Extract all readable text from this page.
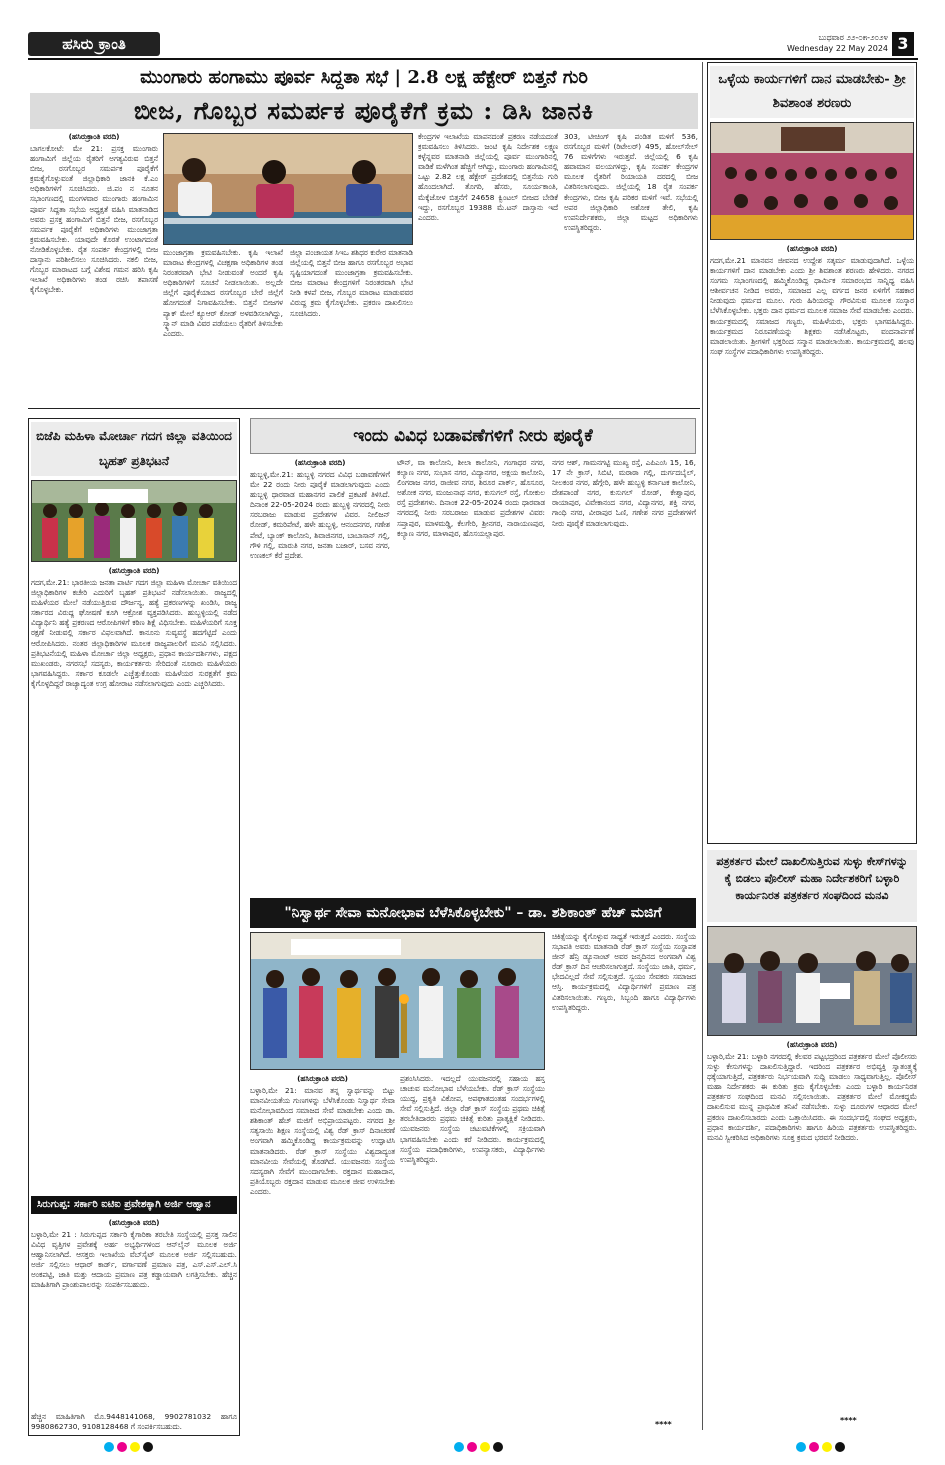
ಹಸಿರು ಕ್ರಾಂತಿ	ಬುಧವಾರ ೨೨-೦೫-೨೦೨೪
Wednesday 22 May 2024 3
ಮುಂಗಾರು ಹಂಗಾಮು ಪೂರ್ವ ಸಿದ್ದತಾ ಸಭೆ | 2.8 ಲಕ್ಷ ಹೆಕ್ಟೇರ್ ಬಿತ್ತನೆ ಗುರಿ
ಬೀಜ, ಗೊಬ್ಬರ ಸಮರ್ಪಕ ಪೂರೈಕೆಗೆ ಕ್ರಮ : ಡಿಸಿ ಜಾನಕಿ
(ಹಸಿರುಕ್ರಾಂತಿ ವರದಿ)
ಬಾಗಲಕೋಟೆ: ಮೇ 21: ಪ್ರಸಕ್ತ ಮುಂಗಾರು ಹಂಗಾಮಿಗೆ ಜಿಲ್ಲೆಯ ರೈತರಿಗೆ ಅಗತ್ಯವಿರುವ ಬಿತ್ತನೆ ಬೀಜ, ರಸಗೊಬ್ಬರ ಸಮರ್ಪಕ ಪೂರೈಕೆಗೆ ಕ್ರಮಕೈಗೊಳ್ಳುವಂತೆ ಜಿಲ್ಲಾಧಿಕಾರಿ ಜಾನಕಿ ಕೆ.ಎಂ ಅಧಿಕಾರಿಗಳಿಗೆ ಸೂಚಿಸಿದರು. ಜಿ.ಪಂ ನ ನೂತನ ಸಭಾಂಗಣದಲ್ಲಿ ಮಂಗಳವಾರ ಮುಂಗಾರು ಹಂಗಾಮಿನ ಪೂರ್ವ ಸಿದ್ದತಾ ಸಭೆಯ ಅಧ್ಯಕ್ಷತೆ ವಹಿಸಿ ಮಾತನಾಡಿದ ಅವರು ಪ್ರಸಕ್ತ ಹಂಗಾಮಿಗೆ ಬಿತ್ತನೆ ಬೀಜ, ರಸಗೊಬ್ಬರ ಸಮರ್ಪಕ ಪೂರೈಕೆಗೆ ಅಧಿಕಾರಿಗಳು ಮುಂಜಾಗ್ರತಾ ಕ್ರಮವಹಿಸಬೇಕು. ಯಾವುದೇ ಕೊರತೆ ಉಂಟಾಗದಂತೆ ನೋಡಿಕೊಳ್ಳಬೇಕು. ರೈತ ಸಂಪರ್ಕ ಕೇಂದ್ರಗಳಲ್ಲಿ ಬೀಜ ದಾಸ್ತಾನು ಪರಿಶೀಲಿಸಲು ಸೂಚಿಸಿದರು. ನಕಲಿ ಬೀಜ, ಗೊಬ್ಬರ ಮಾರಾಟದ ಬಗ್ಗೆ ವಿಶೇಷ ಗಮನ ಹರಿಸಿ ಕೃಷಿ ಇಲಾಖೆ ಅಧಿಕಾರಿಗಳು ತಂಡ ರಚಿಸಿ ತಪಾಸಣೆ ಕೈಗೊಳ್ಳಬೇಕು.
ಮುಂಜಾಗ್ರತಾ ಕ್ರಮವಹಿಸಬೇಕು. ಕೃಷಿ ಇಲಾಖೆ ಮಾರಾಟ ಕೇಂದ್ರಗಳಲ್ಲಿ ವಿಚಕ್ಷಣಾ ಅಧಿಕಾರಿಗಳ ತಂಡ ನಿರಂತರವಾಗಿ ಭೇಟಿ ನೀಡುವಂತೆ ಅಂದರೆ ಕೃಷಿ ಅಧಿಕಾರಿಗಳಿಗೆ ಸೂಚನೆ ನೀಡಲಾಯಿತು. ಅಲ್ಲದೇ ಜಿಲ್ಲೆಗೆ ಪೂರೈಕೆಯಾದ ರಸಗೊಬ್ಬರ ಬೇರೆ ಜಿಲ್ಲೆಗೆ ಹೋಗದಂತೆ ನಿಗಾವಹಿಸಬೇಕು. ಬಿತ್ತನೆ ಬೀಜಗಳ ಪ್ಯಾಕ್ ಮೇಲೆ ಕ್ಯೂಆರ್ ಕೋಡ್ ಅಳವಡಿಸಲಾಗಿದ್ದು, ಸ್ಕ್ಯಾನ್ ಮಾಡಿ ವಿವರ ಪಡೆಯಲು ರೈತರಿಗೆ ತಿಳಿಸಬೇಕು ಎಂದರು.
ಜಿಲ್ಲಾ ಪಂಚಾಯತ ಸಿಇಒ ಶಶಿಧರ ಕುರೇರ ಮಾತನಾಡಿ ಜಿಲ್ಲೆಯಲ್ಲಿ ಬಿತ್ತನೆ ಬೀಜ ಹಾಗೂ ರಸಗೊಬ್ಬರ ಅಭಾವ ಸೃಷ್ಟಿಯಾಗದಂತೆ ಮುಂಜಾಗ್ರತಾ ಕ್ರಮವಹಿಸಬೇಕು. ಬೀಜ ಮಾರಾಟ ಕೇಂದ್ರಗಳಿಗೆ ನಿರಂತರವಾಗಿ ಭೇಟಿ ನೀಡಿ ಕಳಪೆ ಬೀಜ, ಗೊಬ್ಬರ ಮಾರಾಟ ಮಾಡುವವರ ವಿರುದ್ದ ಕ್ರಮ ಕೈಗೊಳ್ಳಬೇಕು. ಪ್ರಕರಣ ದಾಖಲಿಸಲು ಸೂಚಿಸಿದರು.
ಕೇಂದ್ರಗಳ ಇಲಾಖೆಯ ಮಾಪನದಂತೆ ಪ್ರಕರಣ ನಡೆಯದಂತೆ ಕ್ರಮವಹಿಸಲು ತಿಳಿಸಿದರು. ಜಂಟಿ ಕೃಷಿ ನಿರ್ದೇಶಕ ಲಕ್ಷ್ಮಣ ಕಳ್ಳೆನ್ನವರ ಮಾತನಾಡಿ ಜಿಲ್ಲೆಯಲ್ಲಿ ಪೂರ್ವ ಮುಂಗಾರಿನಲ್ಲಿ ವಾಡಿಕೆ ಮಳೆಗಿಂತ ಹೆಚ್ಚಿಗೆ ಆಗಿದ್ದು, ಮುಂಗಾರು ಹಂಗಾಮಿನಲ್ಲಿ ಒಟ್ಟು 2.82 ಲಕ್ಷ ಹೆಕ್ಟೇರ್ ಪ್ರದೇಶದಲ್ಲಿ ಬಿತ್ತನೆಯ ಗುರಿ ಹೊಂದಲಾಗಿದೆ. ತೊಗರಿ, ಹೆಸರು, ಸೂರ್ಯಕಾಂತಿ, ಮೆಕ್ಕೆಜೋಳ ಬಿತ್ತನೆಗೆ 24658 ಕ್ವಿಂಟಲ್ ಬೀಜದ ಬೇಡಿಕೆ ಇದ್ದು, ರಸಗೊಬ್ಬರ 19388 ಮೆ.ಟನ್ ದಾಸ್ತಾನು ಇದೆ ಎಂದರು.
303, ಟೀಚಿಂಗ್ ಕೃಷಿ ಪಂಡಿತ ಮಳಿಗೆ 536, ರಸಗೊಬ್ಬರ ಮಳಿಗೆ (ರಿಟೇಲರ್) 495, ಹೋಲ್‌ಸೇಲ್ 76 ಮಳಿಗೆಗಳು ಇರುತ್ತವೆ. ಜಿಲ್ಲೆಯಲ್ಲಿ 6 ಕೃಷಿ ಹವಾಮಾನ ವಲಯಗಳಿದ್ದು, ಕೃಷಿ ಸಂಪರ್ಕ ಕೇಂದ್ರಗಳ ಮೂಲಕ ರೈತರಿಗೆ ರಿಯಾಯತಿ ದರದಲ್ಲಿ ಬೀಜ ವಿತರಿಸಲಾಗುವುದು. ಜಿಲ್ಲೆಯಲ್ಲಿ 18 ರೈತ ಸಂಪರ್ಕ ಕೇಂದ್ರಗಳು, ಬೀಜ ಕೃಷಿ ಪರಿಕರ ಮಳಿಗೆ ಇವೆ. ಸಭೆಯಲ್ಲಿ ಅಪರ ಜಿಲ್ಲಾಧಿಕಾರಿ ಅಶೋಕ ತೇಲಿ, ಕೃಷಿ ಉಪನಿರ್ದೇಶಕರು, ಜಿಲ್ಲಾ ಮಟ್ಟದ ಅಧಿಕಾರಿಗಳು ಉಪಸ್ಥಿತರಿದ್ದರು.
ಒಳ್ಳೆಯ ಕಾರ್ಯಗಳಿಗೆ ದಾನ ಮಾಡಬೇಕು- ಶ್ರೀ ಶಿವಶಾಂತ ಶರಣರು
(ಹಸಿರುಕ್ರಾಂತಿ ವರದಿ)
ಗದಗ,ಮೇ.21 ಮಾನವನ ಜೀವನದ ಉದ್ದೇಶ ಸತ್ಕರ್ಮ ಮಾಡುವುದಾಗಿದೆ. ಒಳ್ಳೆಯ ಕಾರ್ಯಗಳಿಗೆ ದಾನ ಮಾಡಬೇಕು ಎಂದು ಶ್ರೀ ಶಿವಶಾಂತ ಶರಣರು ಹೇಳಿದರು. ನಗರದ ಸಂಗಮ ಸಭಾಂಗಣದಲ್ಲಿ ಹಮ್ಮಿಕೊಂಡಿದ್ದ ಧಾರ್ಮಿಕ ಸಮಾರಂಭದ ಸಾನ್ನಿಧ್ಯ ವಹಿಸಿ ಆಶೀರ್ವಚನ ನೀಡಿದ ಅವರು, ಸಮಾಜದ ಎಲ್ಲ ವರ್ಗದ ಜನರ ಏಳಿಗೆಗೆ ಸಹಕಾರ ನೀಡುವುದು ಧರ್ಮದ ಮೂಲ. ಗುರು ಹಿರಿಯರನ್ನು ಗೌರವಿಸುವ ಮೂಲಕ ಸಂಸ್ಕಾರ ಬೆಳೆಸಿಕೊಳ್ಳಬೇಕು. ಭಕ್ತರು ದಾನ ಧರ್ಮದ ಮೂಲಕ ಸಮಾಜ ಸೇವೆ ಮಾಡಬೇಕು ಎಂದರು. ಕಾರ್ಯಕ್ರಮದಲ್ಲಿ ಸಮಾಜದ ಗಣ್ಯರು, ಮಹಿಳೆಯರು, ಭಕ್ತರು ಭಾಗವಹಿಸಿದ್ದರು. ಕಾರ್ಯಕ್ರಮದ ನಿರೂಪಣೆಯನ್ನು ಶಿಕ್ಷಕರು ನಡೆಸಿಕೊಟ್ಟರು, ವಂದನಾರ್ಪಣೆ ಮಾಡಲಾಯಿತು. ಶ್ರೀಗಳಿಗೆ ಭಕ್ತರಿಂದ ಸನ್ಮಾನ ಮಾಡಲಾಯಿತು. ಕಾರ್ಯಕ್ರಮದಲ್ಲಿ ಹಲವು ಸಂಘ ಸಂಸ್ಥೆಗಳ ಪದಾಧಿಕಾರಿಗಳು ಉಪಸ್ಥಿತರಿದ್ದರು.
ಪತ್ರಕರ್ತರ ಮೇಲೆ ದಾಖಲಿಸುತ್ತಿರುವ ಸುಳ್ಳು ಕೇಸ್‌ಗಳನ್ನು ಕೈ ಬಿಡಲು ಪೊಲೀಸ್ ಮಹಾ ನಿರ್ದೇಶಕರಿಗೆ ಬಳ್ಳಾರಿ ಕಾರ್ಯನಿರತ ಪತ್ರಕರ್ತರ ಸಂಘದಿಂದ ಮನವಿ
(ಹಸಿರುಕ್ರಾಂತಿ ವರದಿ)
ಬಳ್ಳಾರಿ,ಮೇ 21: ಬಳ್ಳಾರಿ ನಗರದಲ್ಲಿ ಕೆಲವರ ಪಟ್ಟಭದ್ರರಿಂದ ಪತ್ರಕರ್ತರ ಮೇಲೆ ಪೊಲೀಸರು ಸುಳ್ಳು ಕೇಸುಗಳನ್ನು ದಾಖಲಿಸುತ್ತಿದ್ದಾರೆ. ಇದರಿಂದ ಪತ್ರಕರ್ತರ ಅಭಿವ್ಯಕ್ತಿ ಸ್ವಾತಂತ್ರ್ಯಕ್ಕೆ ಧಕ್ಕೆಯಾಗುತ್ತಿದೆ, ಪತ್ರಕರ್ತರು ನಿರ್ಭಯವಾಗಿ ಸುದ್ದಿ ಮಾಡಲು ಸಾಧ್ಯವಾಗುತ್ತಿಲ್ಲ. ಪೊಲೀಸ್ ಮಹಾ ನಿರ್ದೇಶಕರು ಈ ಕುರಿತು ಕ್ರಮ ಕೈಗೊಳ್ಳಬೇಕು ಎಂದು ಬಳ್ಳಾರಿ ಕಾರ್ಯನಿರತ ಪತ್ರಕರ್ತರ ಸಂಘದಿಂದ ಮನವಿ ಸಲ್ಲಿಸಲಾಯಿತು. ಪತ್ರಕರ್ತರ ಮೇಲೆ ಮೋಕದ್ದಮೆ ದಾಖಲಿಸುವ ಮುನ್ನ ಪ್ರಾಥಮಿಕ ತನಿಖೆ ನಡೆಸಬೇಕು. ಸುಳ್ಳು ದೂರುಗಳ ಆಧಾರದ ಮೇಲೆ ಪ್ರಕರಣ ದಾಖಲಿಸಬಾರದು ಎಂದು ಒತ್ತಾಯಿಸಿದರು. ಈ ಸಂದರ್ಭದಲ್ಲಿ ಸಂಘದ ಅಧ್ಯಕ್ಷರು, ಪ್ರಧಾನ ಕಾರ್ಯದರ್ಶಿ, ಪದಾಧಿಕಾರಿಗಳು ಹಾಗೂ ಹಿರಿಯ ಪತ್ರಕರ್ತರು ಉಪಸ್ಥಿತರಿದ್ದರು. ಮನವಿ ಸ್ವೀಕರಿಸಿದ ಅಧಿಕಾರಿಗಳು ಸೂಕ್ತ ಕ್ರಮದ ಭರವಸೆ ನೀಡಿದರು.
****
ಬಿಜೆಪಿ ಮಹಿಳಾ ಮೋರ್ಚಾ ಗದಗ ಜಿಲ್ಲಾ ವತಿಯಿಂದ ಬೃಹತ್ ಪ್ರತಿಭಟನೆ
(ಹಸಿರುಕ್ರಾಂತಿ ವರದಿ)
ಗದಗ,ಮೇ.21: ಭಾರತೀಯ ಜನತಾ ಪಾರ್ಟಿ ಗದಗ ಜಿಲ್ಲಾ ಮಹಿಳಾ ಮೋರ್ಚಾ ವತಿಯಿಂದ ಜಿಲ್ಲಾಧಿಕಾರಿಗಳ ಕಚೇರಿ ಎದುರಿಗೆ ಬೃಹತ್ ಪ್ರತಿಭಟನೆ ನಡೆಸಲಾಯಿತು. ರಾಜ್ಯದಲ್ಲಿ ಮಹಿಳೆಯರ ಮೇಲೆ ನಡೆಯುತ್ತಿರುವ ದೌರ್ಜನ್ಯ, ಹತ್ಯೆ ಪ್ರಕರಣಗಳನ್ನು ಖಂಡಿಸಿ, ರಾಜ್ಯ ಸರ್ಕಾರದ ವಿರುದ್ದ ಘೋಷಣೆ ಕೂಗಿ ಆಕ್ರೋಶ ವ್ಯಕ್ತಪಡಿಸಿದರು. ಹುಬ್ಬಳ್ಳಿಯಲ್ಲಿ ನಡೆದ ವಿದ್ಯಾರ್ಥಿನಿ ಹತ್ಯೆ ಪ್ರಕರಣದ ಆರೋಪಿಗಳಿಗೆ ಕಠಿಣ ಶಿಕ್ಷೆ ವಿಧಿಸಬೇಕು. ಮಹಿಳೆಯರಿಗೆ ಸೂಕ್ತ ರಕ್ಷಣೆ ನೀಡುವಲ್ಲಿ ಸರ್ಕಾರ ವಿಫಲವಾಗಿದೆ. ಕಾನೂನು ಸುವ್ಯವಸ್ಥೆ ಹದಗೆಟ್ಟಿದೆ ಎಂದು ಆರೋಪಿಸಿದರು. ನಂತರ ಜಿಲ್ಲಾಧಿಕಾರಿಗಳ ಮೂಲಕ ರಾಜ್ಯಪಾಲರಿಗೆ ಮನವಿ ಸಲ್ಲಿಸಿದರು. ಪ್ರತಿಭಟನೆಯಲ್ಲಿ ಮಹಿಳಾ ಮೋರ್ಚಾ ಜಿಲ್ಲಾ ಅಧ್ಯಕ್ಷರು, ಪ್ರಧಾನ ಕಾರ್ಯದರ್ಶಿಗಳು, ಪಕ್ಷದ ಮುಖಂಡರು, ನಗರಸಭೆ ಸದಸ್ಯರು, ಕಾರ್ಯಕರ್ತರು ಸೇರಿದಂತೆ ನೂರಾರು ಮಹಿಳೆಯರು ಭಾಗವಹಿಸಿದ್ದರು. ಸರ್ಕಾರ ಕೂಡಲೇ ಎಚ್ಚೆತ್ತುಕೊಂಡು ಮಹಿಳೆಯರ ಸುರಕ್ಷತೆಗೆ ಕ್ರಮ ಕೈಗೊಳ್ಳದಿದ್ದರೆ ರಾಜ್ಯಾದ್ಯಂತ ಉಗ್ರ ಹೋರಾಟ ನಡೆಸಲಾಗುವುದು ಎಂದು ಎಚ್ಚರಿಸಿದರು.
ಸಿರುಗುಪ್ಪ: ಸರ್ಕಾರಿ ಐಟಿಐ ಪ್ರವೇಶಕ್ಕಾಗಿ ಅರ್ಜಿ ಆಹ್ವಾನ
(ಹಸಿರುಕ್ರಾಂತಿ ವರದಿ)
ಬಳ್ಳಾರಿ,ಮೇ 21 : ಸಿರುಗುಪ್ಪದ ಸರ್ಕಾರಿ ಕೈಗಾರಿಕಾ ತರಬೇತಿ ಸಂಸ್ಥೆಯಲ್ಲಿ ಪ್ರಸಕ್ತ ಸಾಲಿನ ವಿವಿಧ ವೃತ್ತಿಗಳ ಪ್ರವೇಶಕ್ಕೆ ಅರ್ಹ ಅಭ್ಯರ್ಥಿಗಳಿಂದ ಆನ್‌ಲೈನ್ ಮೂಲಕ ಅರ್ಜಿ ಆಹ್ವಾನಿಸಲಾಗಿದೆ. ಆಸಕ್ತರು ಇಲಾಖೆಯ ವೆಬ್‌ಸೈಟ್ ಮೂಲಕ ಅರ್ಜಿ ಸಲ್ಲಿಸಬಹುದು. ಅರ್ಜಿ ಸಲ್ಲಿಸಲು ಆಧಾರ್ ಕಾರ್ಡ್, ವರ್ಗಾವಣೆ ಪ್ರಮಾಣ ಪತ್ರ, ಎಸ್.ಎಸ್.ಎಲ್.ಸಿ ಅಂಕಪಟ್ಟಿ, ಜಾತಿ ಮತ್ತು ಆದಾಯ ಪ್ರಮಾಣ ಪತ್ರ ಕಡ್ಡಾಯವಾಗಿ ಲಗತ್ತಿಸಬೇಕು. ಹೆಚ್ಚಿನ ಮಾಹಿತಿಗಾಗಿ ಪ್ರಾಂಶುಪಾಲರನ್ನು ಸಂಪರ್ಕಿಸಬಹುದು.
ಹೆಚ್ಚಿನ ಮಾಹಿತಿಗಾಗಿ ಮೊ.9448141068, 9902781032 ಹಾಗೂ 9980862730, 9108128468 ಗೆ ಸಂಪರ್ಕಿಸಬಹುದು.
ಇಂದು ವಿವಿಧ ಬಡಾವಣೆಗಳಿಗೆ ನೀರು ಪೂರೈಕೆ
(ಹಸಿರುಕ್ರಾಂತಿ ವರದಿ)
ಹುಬ್ಬಳ್ಳಿ,ಮೇ.21: ಹುಬ್ಬಳ್ಳಿ ನಗರದ ವಿವಿಧ ಬಡಾವಣೆಗಳಿಗೆ ಮೇ 22 ರಂದು ನೀರು ಪೂರೈಕೆ ಮಾಡಲಾಗುವುದು ಎಂದು ಹುಬ್ಬಳ್ಳಿ ಧಾರವಾಡ ಮಹಾನಗರ ಪಾಲಿಕೆ ಪ್ರಕಟಣೆ ತಿಳಿಸಿದೆ. ದಿನಾಂಕ 22-05-2024 ರಂದು ಹುಬ್ಬಳ್ಳಿ ನಗರದಲ್ಲಿ ನೀರು ಸರಬರಾಜು ಮಾಡುವ ಪ್ರದೇಶಗಳ ವಿವರ. ನೀಲಿಜನ್ ರೋಡ್, ಕಮರಿಪೇಟೆ, ಹಳೇ ಹುಬ್ಬಳ್ಳಿ, ಆನಂದನಗರ, ಗಣೇಶ ಪೇಟೆ, ಬ್ಯಾಂಕ್ ಕಾಲೋನಿ, ಶಿವಾಜಿನಗರ, ಬಾಬಾಸಾನ್ ಗಲ್ಲಿ, ಗೌಳಿ ಗಲ್ಲಿ, ಮಾರುತಿ ನಗರ, ಜನತಾ ಬಜಾರ್, ಬಸವ ನಗರ, ಉಣಕಲ್ ಕೆರೆ ಪ್ರದೇಶ.
ಟೌನ್, ವಾ ಕಾಲೋನಿ, ಶೀಲಾ ಕಾಲೋನಿ, ಗಂಗಾಧರ ನಗರ, ಕಲ್ಯಾಣ ನಗರ, ಸುಭಾಸ ನಗರ, ವಿದ್ಯಾನಗರ, ಅಕ್ಷಯ ಕಾಲೋನಿ, ಲಿಂಗರಾಜ ನಗರ, ರಾಜೀವ ನಗರ, ಶಿರೂರ ಪಾರ್ಕ್, ಹೊಸೂರ, ಅಶೋಕ ನಗರ, ಮಂಜುನಾಥ ನಗರ, ಕುಸುಗಲ್ ರಸ್ತೆ, ಗೋಕುಲ ರಸ್ತೆ ಪ್ರದೇಶಗಳು. ದಿನಾಂಕ 22-05-2024 ರಂದು ಧಾರವಾಡ ನಗರದಲ್ಲಿ ನೀರು ಸರಬರಾಜು ಮಾಡುವ ಪ್ರದೇಶಗಳ ವಿವರ: ಸಪ್ತಾಪುರ, ಮಾಳಮಡ್ಡಿ, ಕೆಲಗೇರಿ, ಶ್ರೀನಗರ, ನಾರಾಯಣಪುರ, ಕಲ್ಯಾಣ ನಗರ, ಮಾಳಾಪುರ, ಹೊಸಯಲ್ಲಾಪುರ.
ನಗರ ಆಶ್, ಗಾಮನಗಟ್ಟಿ ಮುಖ್ಯ ರಸ್ತೆ, ಎಪಿಎಂಸಿ 15, 16, 17 ನೇ ಕ್ರಾಸ್, ಸಿಬಿಟಿ, ಮರಾಠಾ ಗಲ್ಲಿ, ದುರ್ಗದಬೈಲ್, ನೀಲಕಂಠ ನಗರ, ಹೆಗ್ಗೇರಿ, ಹಳೇ ಹುಬ್ಬಳ್ಳಿ ಕರ್ನಾಟಕ ಕಾಲೋನಿ, ದೇಶಪಾಂಡೆ ನಗರ, ಕುಸುಗಲ್ ರೋಡ್, ಕೇಶ್ವಾಪುರ, ರಾಯಾಪುರ, ವಿವೇಕಾನಂದ ನಗರ, ವಿದ್ಯಾನಗರ, ಶಕ್ತಿ ನಗರ, ಗಾಂಧಿ ನಗರ, ವೀರಾಪುರ ಓಣಿ, ಗಣೇಶ ನಗರ ಪ್ರದೇಶಗಳಿಗೆ ನೀರು ಪೂರೈಕೆ ಮಾಡಲಾಗುವುದು.
"ನಿಸ್ವಾರ್ಥ ಸೇವಾ ಮನೋಭಾವ ಬೆಳೆಸಿಕೊಳ್ಳಬೇಕು" – ಡಾ. ಶಶಿಕಾಂತ್ ಹೆಚ್ ಮಜಿಗೆ
ಚಿಕಿತ್ಸೆಯನ್ನು ಕೈಗೊಳ್ಳುವ ಸಾಧ್ಯತೆ ಇರುತ್ತದೆ ಎಂದರು. ಸಂಸ್ಥೆಯ ಸಭಾಪತಿ ಅವರು ಮಾತನಾಡಿ ರೆಡ್ ಕ್ರಾಸ್ ಸಂಸ್ಥೆಯ ಸಂಸ್ಥಾಪಕ ಜೀನ್ ಹೆನ್ರಿ ಡ್ಯೂನಾಂಟ್ ಅವರ ಜನ್ಮದಿನದ ಅಂಗವಾಗಿ ವಿಶ್ವ ರೆಡ್ ಕ್ರಾಸ್ ದಿನ ಆಚರಿಸಲಾಗುತ್ತದೆ. ಸಂಸ್ಥೆಯು ಜಾತಿ, ಧರ್ಮ, ಭೇದವಿಲ್ಲದೆ ಸೇವೆ ಸಲ್ಲಿಸುತ್ತದೆ. ಸ್ವಯಂ ಸೇವಕರು ಸಮಾಜದ ಆಸ್ತಿ. ಕಾರ್ಯಕ್ರಮದಲ್ಲಿ ವಿದ್ಯಾರ್ಥಿಗಳಿಗೆ ಪ್ರಮಾಣ ಪತ್ರ ವಿತರಿಸಲಾಯಿತು. ಗಣ್ಯರು, ಸಿಬ್ಬಂದಿ ಹಾಗೂ ವಿದ್ಯಾರ್ಥಿಗಳು ಉಪಸ್ಥಿತರಿದ್ದರು.
(ಹಸಿರುಕ್ರಾಂತಿ ವರದಿ)
ಬಳ್ಳಾರಿ,ಮೇ 21: ಮಾನವ ತನ್ನ ಸ್ವಾರ್ಥವನ್ನು ಬಿಟ್ಟು ಮಾನವೀಯತೆಯ ಗುಣಗಳನ್ನು ಬೆಳೆಸಿಕೊಂಡು ನಿಸ್ವಾರ್ಥ ಸೇವಾ ಮನೋಭಾವದಿಂದ ಸಮಾಜದ ಸೇವೆ ಮಾಡಬೇಕು ಎಂದು ಡಾ. ಶಶಿಕಾಂತ್ ಹೆಚ್ ಮಜಿಗೆ ಅಭಿಪ್ರಾಯಪಟ್ಟರು. ನಗರದ ಶ್ರೀ ಸತ್ಯಸಾಯಿ ಶಿಕ್ಷಣ ಸಂಸ್ಥೆಯಲ್ಲಿ ವಿಶ್ವ ರೆಡ್ ಕ್ರಾಸ್ ದಿನಾಚರಣೆ ಅಂಗವಾಗಿ ಹಮ್ಮಿಕೊಂಡಿದ್ದ ಕಾರ್ಯಕ್ರಮವನ್ನು ಉದ್ಘಾಟಿಸಿ ಮಾತನಾಡಿದರು. ರೆಡ್ ಕ್ರಾಸ್ ಸಂಸ್ಥೆಯು ವಿಶ್ವದಾದ್ಯಂತ ಮಾನವೀಯ ಸೇವೆಯಲ್ಲಿ ತೊಡಗಿದೆ. ಯುವಜನರು ಸಂಸ್ಥೆಯ ಸದಸ್ಯರಾಗಿ ಸೇವೆಗೆ ಮುಂದಾಗಬೇಕು. ರಕ್ತದಾನ ಮಹಾದಾನ, ಪ್ರತಿಯೊಬ್ಬರು ರಕ್ತದಾನ ಮಾಡುವ ಮೂಲಕ ಜೀವ ಉಳಿಸಬೇಕು ಎಂದರು.
ಪ್ರಶಂಸಿಸಿದರು. ಇದಲ್ಲದೆ ಯುವಜನರಲ್ಲಿ ಸಹಾಯ ಹಸ್ತ ಚಾಚುವ ಮನೋಭಾವ ಬೆಳೆಯಬೇಕು. ರೆಡ್ ಕ್ರಾಸ್ ಸಂಸ್ಥೆಯು ಯುದ್ದ, ಪ್ರಕೃತಿ ವಿಕೋಪ, ಅಪಘಾತದಂತಹ ಸಂದರ್ಭಗಳಲ್ಲಿ ಸೇವೆ ಸಲ್ಲಿಸುತ್ತಿದೆ. ಜಿಲ್ಲಾ ರೆಡ್ ಕ್ರಾಸ್ ಸಂಸ್ಥೆಯ ಪ್ರಥಮ ಚಿಕಿತ್ಸೆ ತರಬೇತಿದಾರರು ಪ್ರಥಮ ಚಿಕಿತ್ಸೆ ಕುರಿತು ಪ್ರಾತ್ಯಕ್ಷಿಕೆ ನೀಡಿದರು. ಯುವಜನರು ಸಂಸ್ಥೆಯ ಚಟುವಟಿಕೆಗಳಲ್ಲಿ ಸಕ್ರಿಯವಾಗಿ ಭಾಗವಹಿಸಬೇಕು ಎಂದು ಕರೆ ನೀಡಿದರು. ಕಾರ್ಯಕ್ರಮದಲ್ಲಿ ಸಂಸ್ಥೆಯ ಪದಾಧಿಕಾರಿಗಳು, ಉಪನ್ಯಾಸಕರು, ವಿದ್ಯಾರ್ಥಿಗಳು ಉಪಸ್ಥಿತರಿದ್ದರು.
****
